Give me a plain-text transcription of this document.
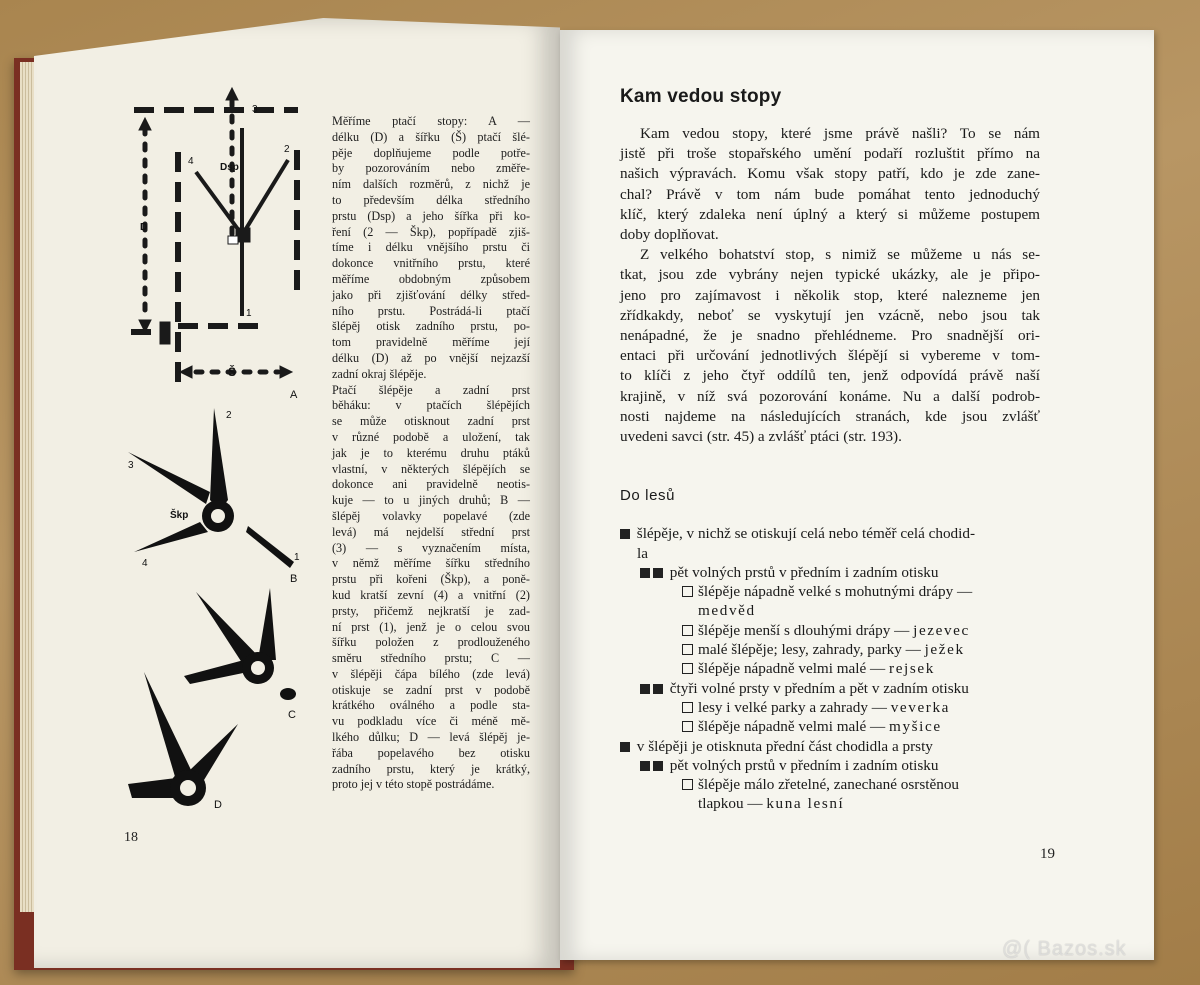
3
2
4
1
Dsp
D
Š
A
2
3
Škp
4
1
B
C
D
Měříme ptačí stopy: A —
délku (D) a šířku (Š) ptačí šlé-
pěje doplňujeme podle potře-
by pozorováním nebo změře-
ním dalších rozměrů, z nichž je
to především délka středního
prstu (Dsp) a jeho šířka při ko-
ření (2 — Škp), popřípadě zjiš-
tíme i délku vnějšího prstu či
dokonce vnitřního prstu, které
měříme obdobným způsobem
jako při zjišťování délky střed-
ního prstu. Postrádá-li ptačí
šlépěj otisk zadního prstu, po-
tom pravidelně měříme její
délku (D) až po vnější nejzazší
zadní okraj šlépěje.
Ptačí šlépěje a zadní prst
běháku: v ptačích šlépějích
se může otisknout zadní prst
v různé podobě a uložení, tak
jak je to kterému druhu ptáků
vlastní, v některých šlépějích se
dokonce ani pravidelně neotis-
kuje — to u jiných druhů; B —
šlépěj volavky popelavé (zde
levá) má nejdelší střední prst
(3) — s vyznačením místa,
v němž měříme šířku středního
prstu při kořeni (Škp), a poně-
kud kratší zevní (4) a vnitřní (2)
prsty, přičemž nejkratší je zad-
ní prst (1), jenž je o celou svou
šířku položen z prodlouženého
směru středního prstu; C —
v šlépěji čápa bílého (zde levá)
otiskuje se zadní prst v podobě
krátkého oválného a podle sta-
vu podkladu více či méně mě-
lkého důlku; D — levá šlépěj je-
řába popelavého bez otisku
zadního prstu, který je krátký,
proto jej v této stopě postrádáme.
18
Kam vedou stopy
Kam vedou stopy, které jsme právě našli? To se nám
jistě při troše stopařského umění podaří rozluštit přímo na
našich výpravách. Komu však stopy patří, kdo je zde zane-
chal? Právě v tom nám bude pomáhat tento jednoduchý
klíč, který zdaleka není úplný a který si můžeme postupem
doby doplňovat.
Z velkého bohatství stop, s nimiž se můžeme u nás se-
tkat, jsou zde vybrány nejen typické ukázky, ale je připo-
jeno pro zajímavost i několik stop, které nalezneme jen
zřídkakdy, neboť se vyskytují jen vzácně, nebo jsou tak
nenápadné, že je snadno přehlédneme. Pro snadnější ori-
entaci při určování jednotlivých šlépějí si vybereme v tom-
to klíči z jeho čtyř oddílů ten, jenž odpovídá právě naší
krajině, v níž svá pozorování konáme. Nu a další podrob-
nosti najdeme na následujících stranách, kde jsou zvlášť
uvedeni savci (str. 45) a zvlášť ptáci (str. 193).
Do lesů
šlépěje, v nichž se otiskují celá nebo téměř celá chodid-
la
pět volných prstů v předním i zadním otisku
šlépěje nápadně velké s mohutnými drápy —
medvěd
šlépěje menší s dlouhými drápy — jezevec
malé šlépěje; lesy, zahrady, parky — ježek
šlépěje nápadně velmi malé — rejsek
čtyři volné prsty v předním a pět v zadním otisku
lesy i velké parky a zahrady — veverka
šlépěje nápadně velmi malé — myšice
v šlépěji je otisknuta přední část chodidla a prsty
pět volných prstů v předním i zadním otisku
šlépěje málo zřetelné, zanechané osrstěnou
tlapkou — kuna lesní
19
@( Bazos.sk
